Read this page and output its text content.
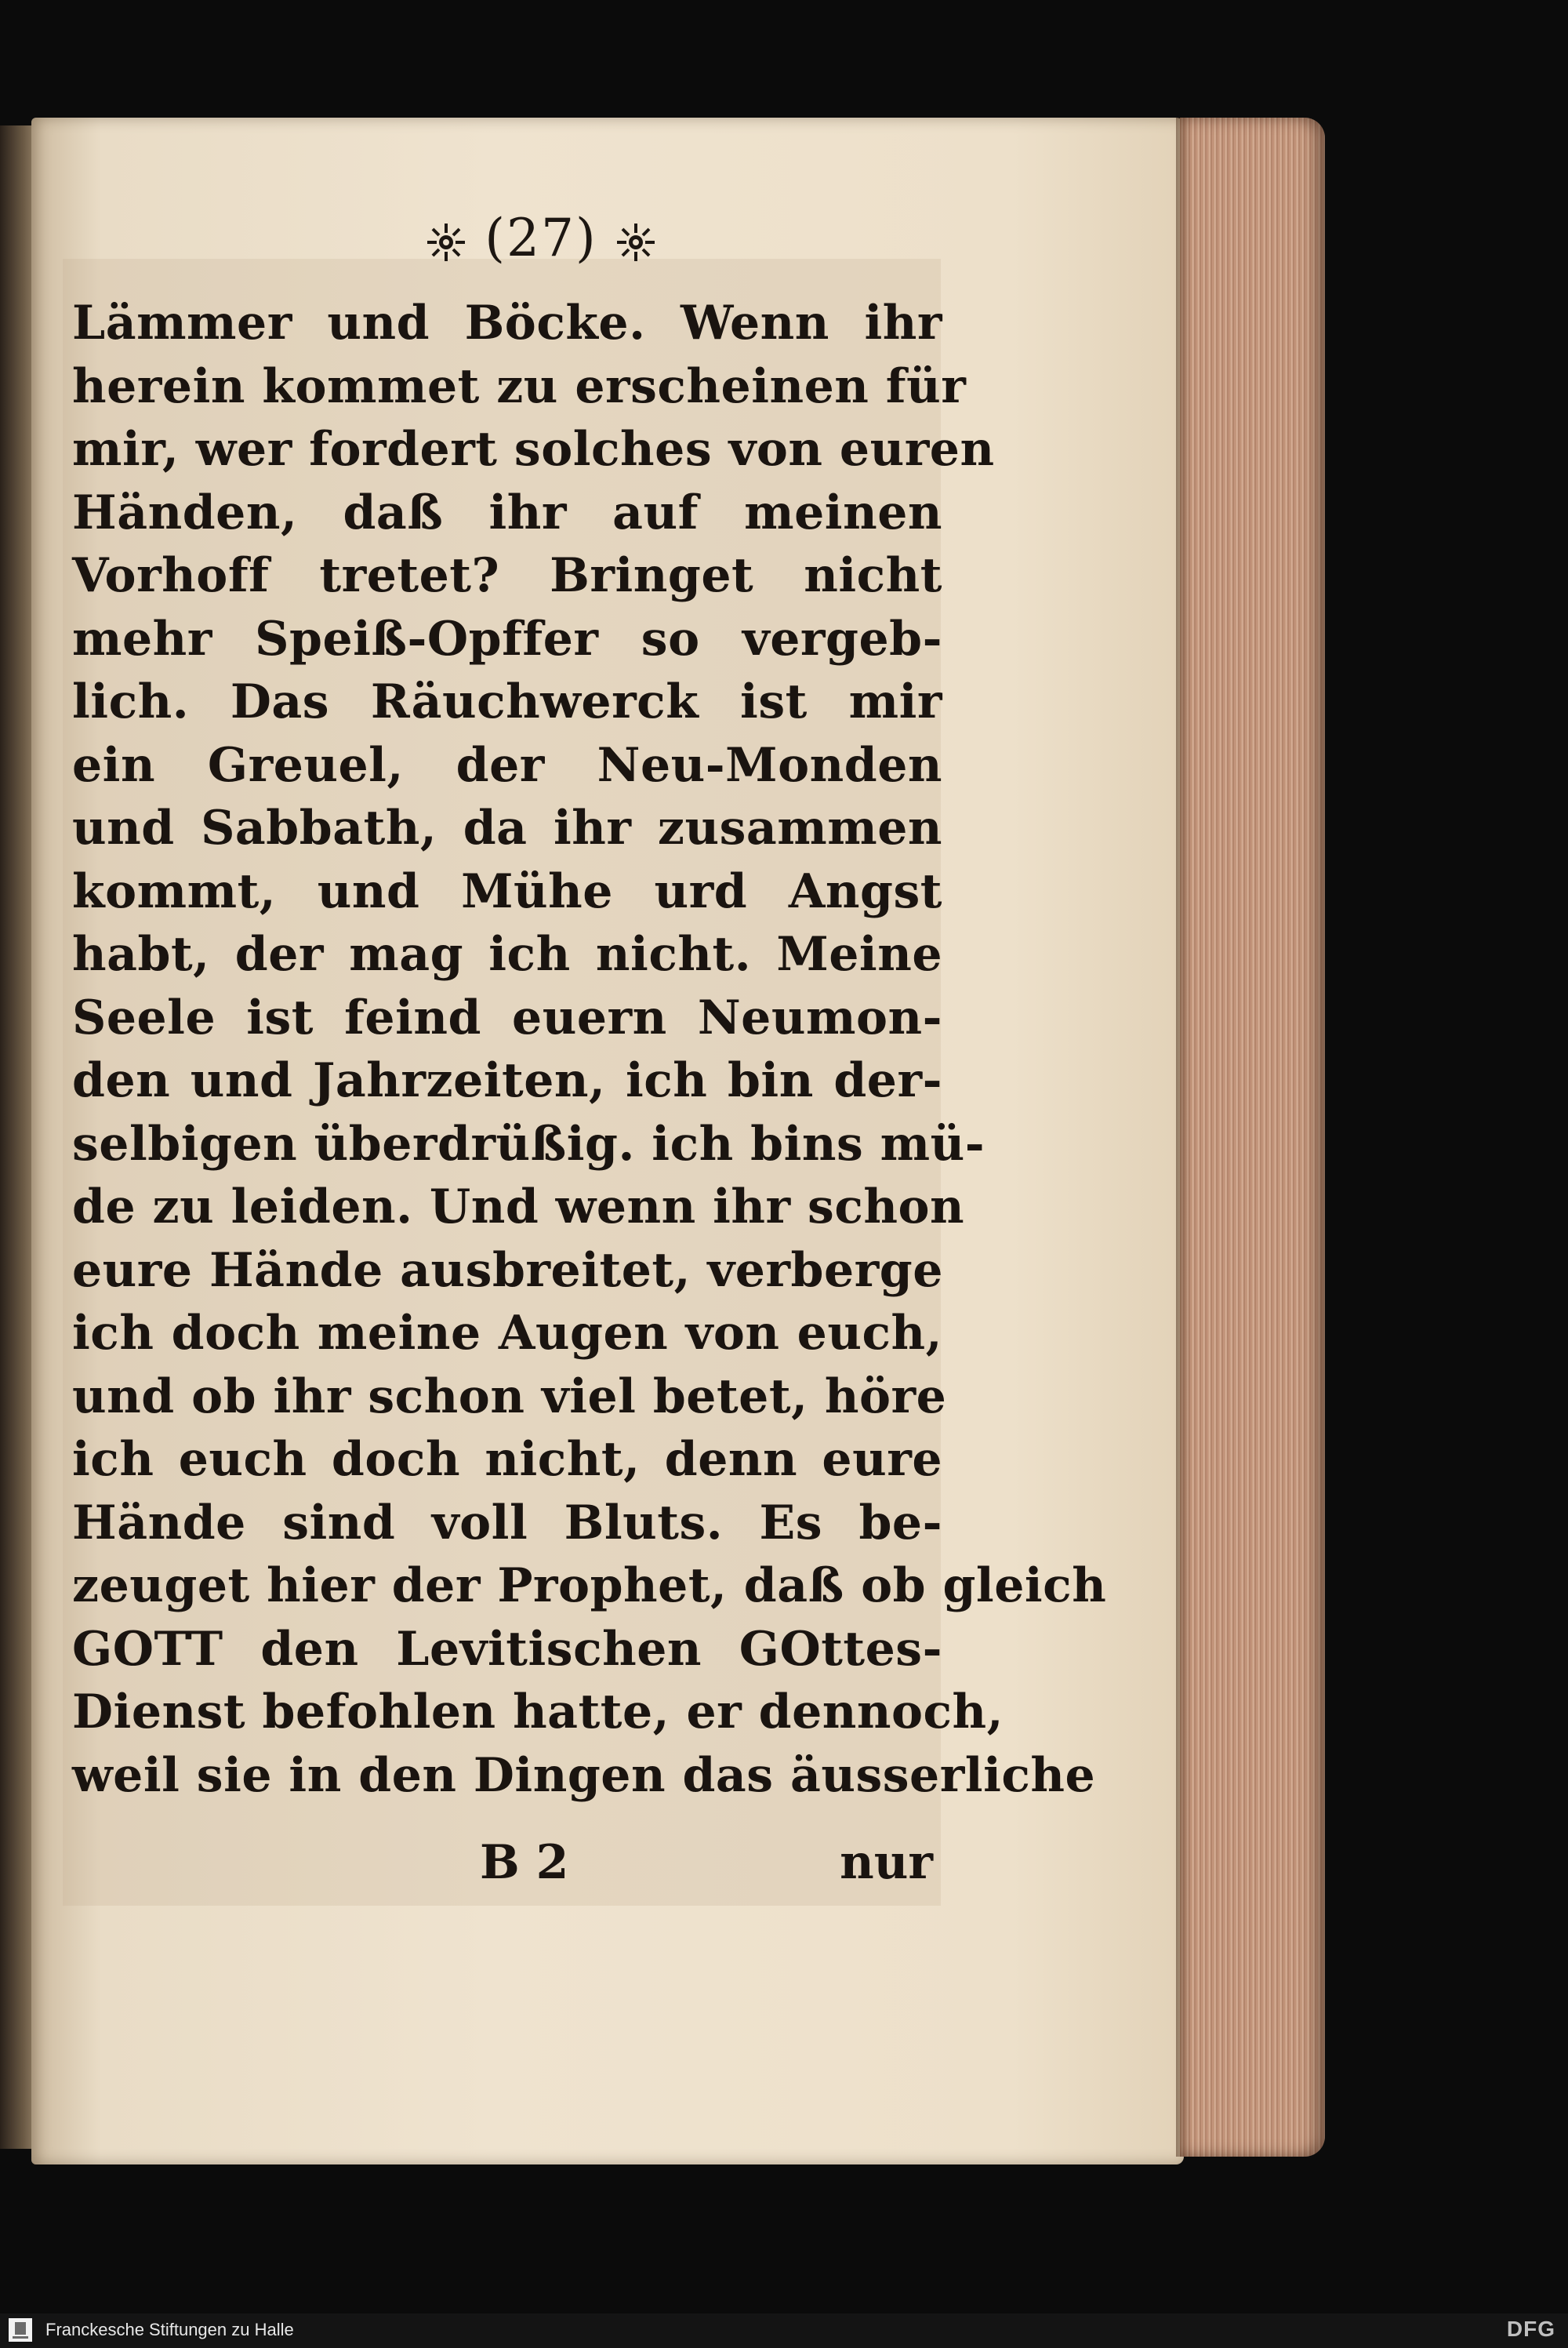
(27)
Lämmer und Böcke. Wenn ihr
herein kommet zu erscheinen für
mir, wer fordert solches von euren
Händen, daß ihr auf meinen
Vorhoff tretet? Bringet nicht
mehr Speiß-Opffer so vergeb-
lich. Das Räuchwerck ist mir
ein Greuel, der Neu-Monden
und Sabbath, da ihr zusammen
kommt, und Mühe urd Angst
habt, der mag ich nicht. Meine
Seele ist feind euern Neumon-
den und Jahrzeiten, ich bin der-
selbigen überdrüßig. ich bins mü-
de zu leiden. Und wenn ihr schon
eure Hände ausbreitet, verberge
ich doch meine Augen von euch,
und ob ihr schon viel betet, höre
ich euch doch nicht, denn eure
Hände sind voll Bluts. Es be-
zeuget hier der Prophet, daß ob gleich
GOTT den Levitischen GOttes-
Dienst befohlen hatte, er dennoch,
weil sie in den Dingen das äusserliche
B 2	nur
Franckesche Stiftungen zu Halle	DFG
